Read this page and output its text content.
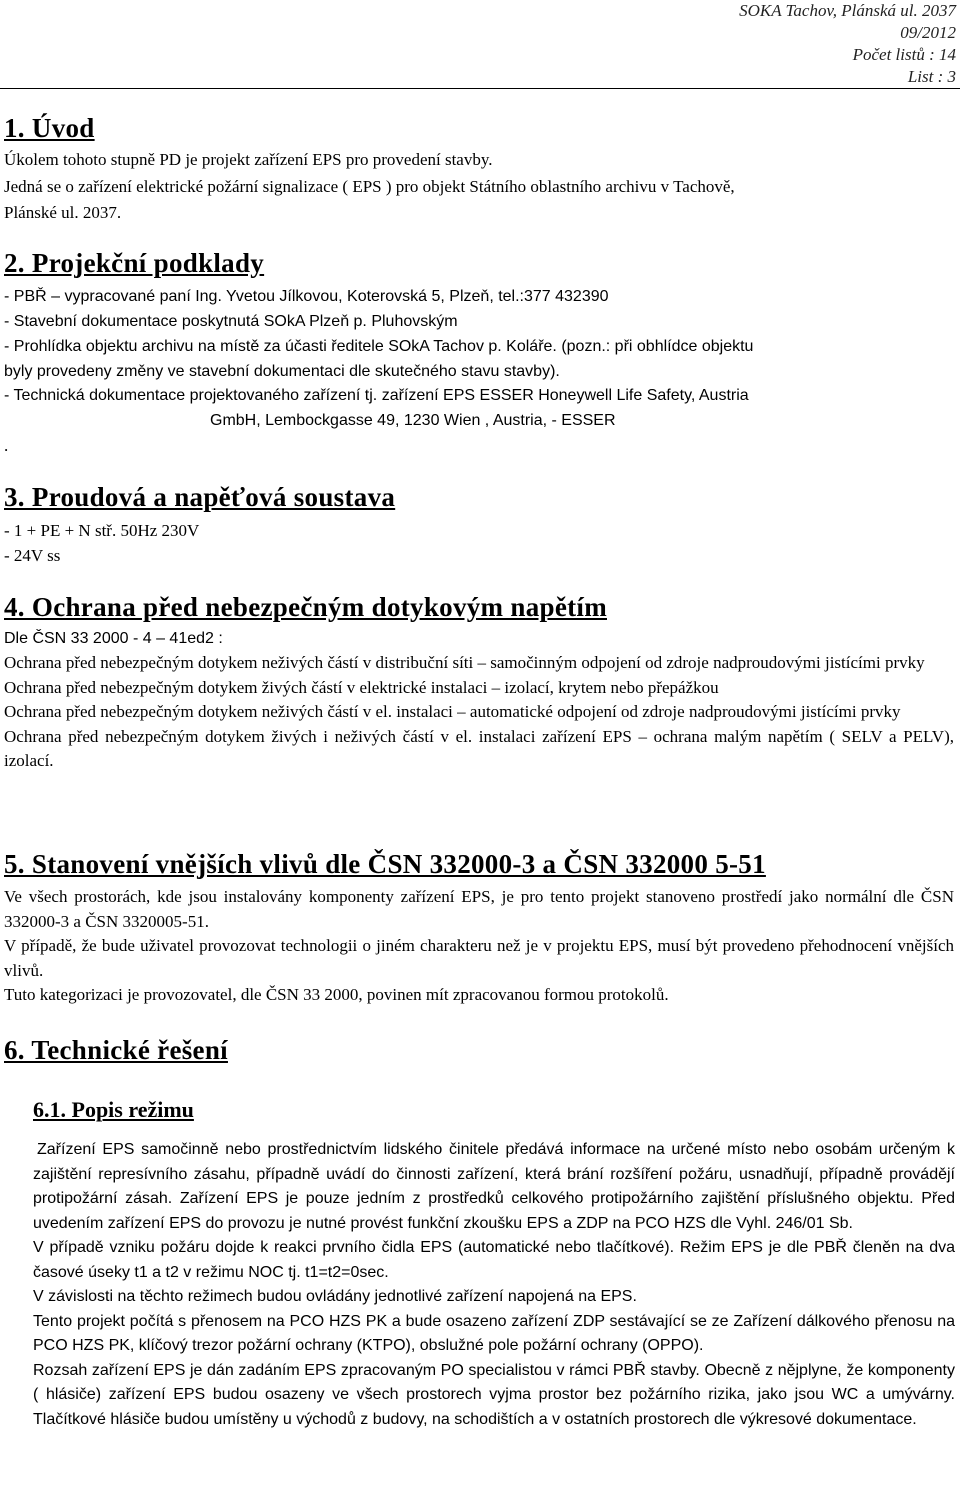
SOKA Tachov, Plánská ul. 2037
09/2012
Počet listů : 14
List : 3
1. Úvod
Úkolem tohoto stupně PD je projekt zařízení EPS pro provedení stavby.
Jedná se o zařízení elektrické požární signalizace ( EPS ) pro objekt Státního oblastního archivu v Tachově,
Plánské ul. 2037.
2. Projekční podklady
- PBŘ – vypracované paní Ing. Yvetou Jílkovou, Koterovská 5, Plzeň, tel.:377 432390
- Stavební dokumentace poskytnutá SOkA Plzeň p. Pluhovským
- Prohlídka objektu archivu na místě za účasti ředitele SOkA Tachov p. Koláře. (pozn.: při obhlídce objektu
byly provedeny změny ve stavební dokumentaci dle skutečného stavu stavby).
- Technická dokumentace projektovaného zařízení tj. zařízení EPS ESSER Honeywell Life Safety, Austria
GmbH, Lembockgasse 49, 1230 Wien , Austria, - ESSER
.
3. Proudová a napěťová soustava
- 1 + PE + N stř. 50Hz 230V
- 24V ss
4. Ochrana před nebezpečným dotykovým napětím
Dle ČSN 33 2000 - 4 – 41ed2 :

Ochrana před nebezpečným dotykem neživých částí v distribuční síti – samočinným odpojení od zdroje nadproudovými jistícími prvky

Ochrana před nebezpečným dotykem živých částí v elektrické instalaci – izolací, krytem nebo přepážkou

Ochrana před nebezpečným dotykem neživých částí v el. instalaci – automatické odpojení od zdroje nadproudovými jistícími prvky

Ochrana před nebezpečným dotykem živých i neživých částí v el. instalaci zařízení EPS – ochrana malým napětím ( SELV a PELV), izolací.

5. Stanovení vnějších vlivů dle ČSN 332000-3 a ČSN 332000 5-51

Ve všech prostorách, kde jsou instalovány komponenty zařízení EPS, je pro tento projekt stanoveno prostředí jako normální dle ČSN 332000-3 a ČSN 3320005-51.

V případě, že bude uživatel provozovat technologii o jiném charakteru než je v projektu EPS, musí být provedeno přehodnocení vnějších vlivů.

Tuto kategorizaci je provozovatel, dle ČSN 33 2000, povinen mít zpracovanou formou protokolů.

6. Technické řešení
6.1. Popis režimu

Zařízení EPS samočinně nebo prostřednictvím lidského činitele předává informace na určené místo nebo osobám určeným k zajištění represívního zásahu, případně uvádí do činnosti zařízení, která brání rozšíření požáru, usnadňují, případně provádějí protipožární zásah. Zařízení EPS je pouze jedním z prostředků celkového protipožárního zajištění příslušného objektu. Před uvedením zařízení EPS do provozu je nutné provést funkční zkoušku EPS a ZDP na PCO HZS dle Vyhl. 246/01 Sb.

V případě vzniku požáru dojde k reakci prvního čidla EPS (automatické nebo tlačítkové). Režim EPS je dle PBŘ členěn na dva časové úseky t1 a t2 v režimu NOC tj. t1=t2=0sec.

V závislosti na těchto režimech budou ovládány jednotlivé zařízení napojená na EPS.

Tento projekt počítá s přenosem na PCO HZS PK a bude osazeno zařízení ZDP sestávající se ze Zařízení dálkového přenosu na PCO HZS PK, klíčový trezor požární ochrany (KTPO), obslužné pole požární ochrany (OPPO).

Rozsah zařízení EPS je dán zadáním EPS zpracovaným PO specialistou v rámci PBŘ stavby. Obecně z nějplyne, že komponenty ( hlásiče) zařízení EPS budou osazeny ve všech prostorech vyjma prostor bez požárního rizika, jako jsou WC a umývárny. Tlačítkové hlásiče budou umístěny u východů z budovy, na schodištích a v ostatních prostorech dle výkresové dokumentace.
